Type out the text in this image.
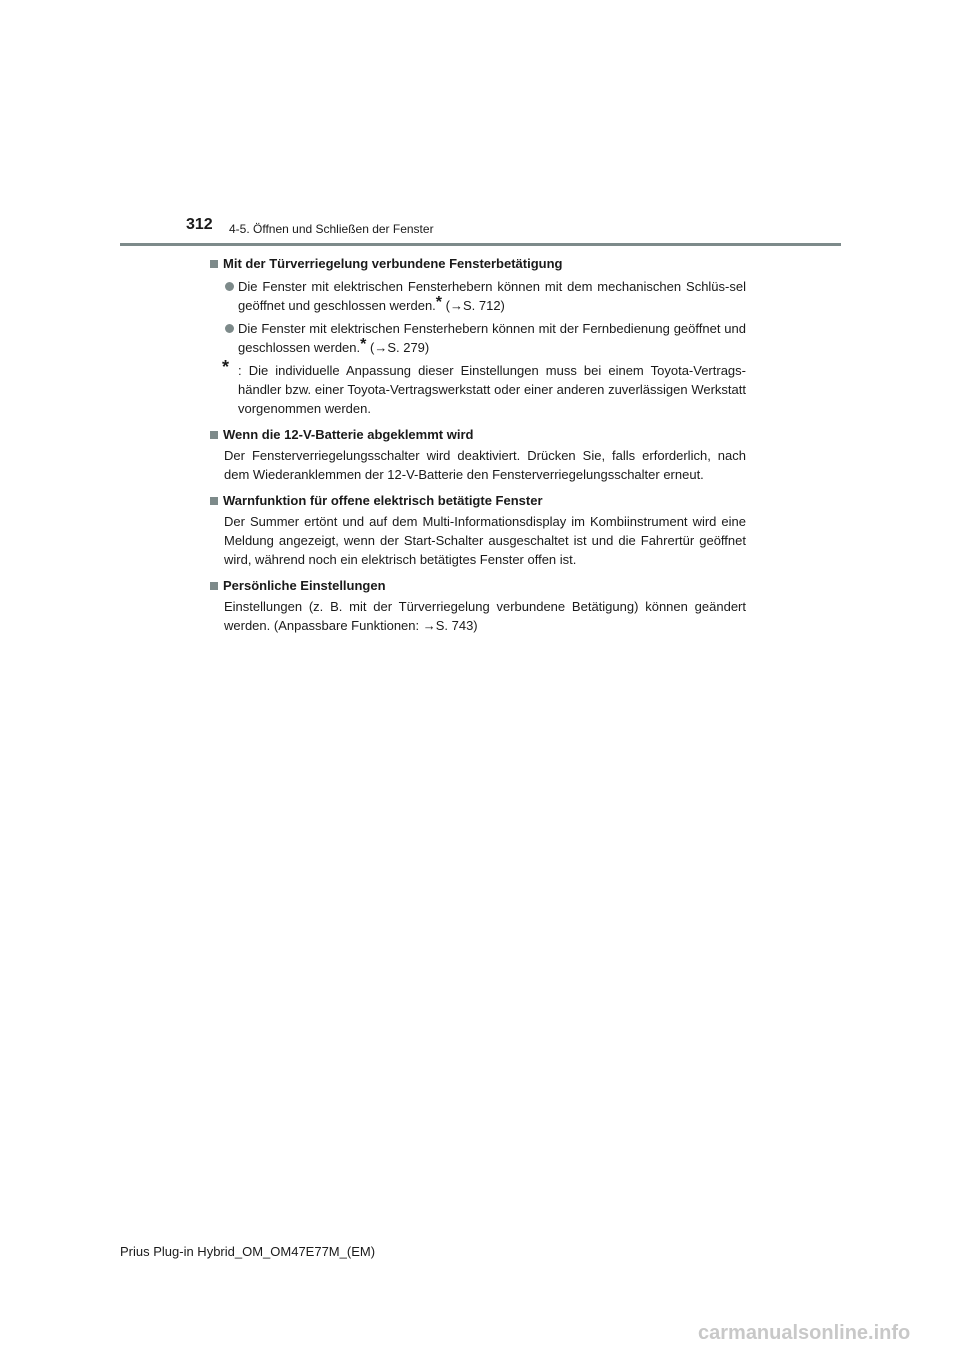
312 4-5. Öffnen und Schließen der Fenster
Mit der Türverriegelung verbundene Fensterbetätigung
Die Fenster mit elektrischen Fensterhebern können mit dem mechanischen Schlüs-sel geöffnet und geschlossen werden.* (→S. 712)
Die Fenster mit elektrischen Fensterhebern können mit der Fernbedienung geöffnet und geschlossen werden.* (→S. 279)
* : Die individuelle Anpassung dieser Einstellungen muss bei einem Toyota-Vertrags-händler bzw. einer Toyota-Vertragswerkstatt oder einer anderen zuverlässigen Werkstatt vorgenommen werden.
Wenn die 12-V-Batterie abgeklemmt wird
Der Fensterverriegelungsschalter wird deaktiviert. Drücken Sie, falls erforderlich, nach dem Wiederanklemmen der 12-V-Batterie den Fensterverriegelungsschalter erneut.
Warnfunktion für offene elektrisch betätigte Fenster
Der Summer ertönt und auf dem Multi-Informationsdisplay im Kombiinstrument wird eine Meldung angezeigt, wenn der Start-Schalter ausgeschaltet ist und die Fahrertür geöffnet wird, während noch ein elektrisch betätigtes Fenster offen ist.
Persönliche Einstellungen
Einstellungen (z. B. mit der Türverriegelung verbundene Betätigung) können geändert werden. (Anpassbare Funktionen: →S. 743)
Prius Plug-in Hybrid_OM_OM47E77M_(EM)
carmanualsonline.info
